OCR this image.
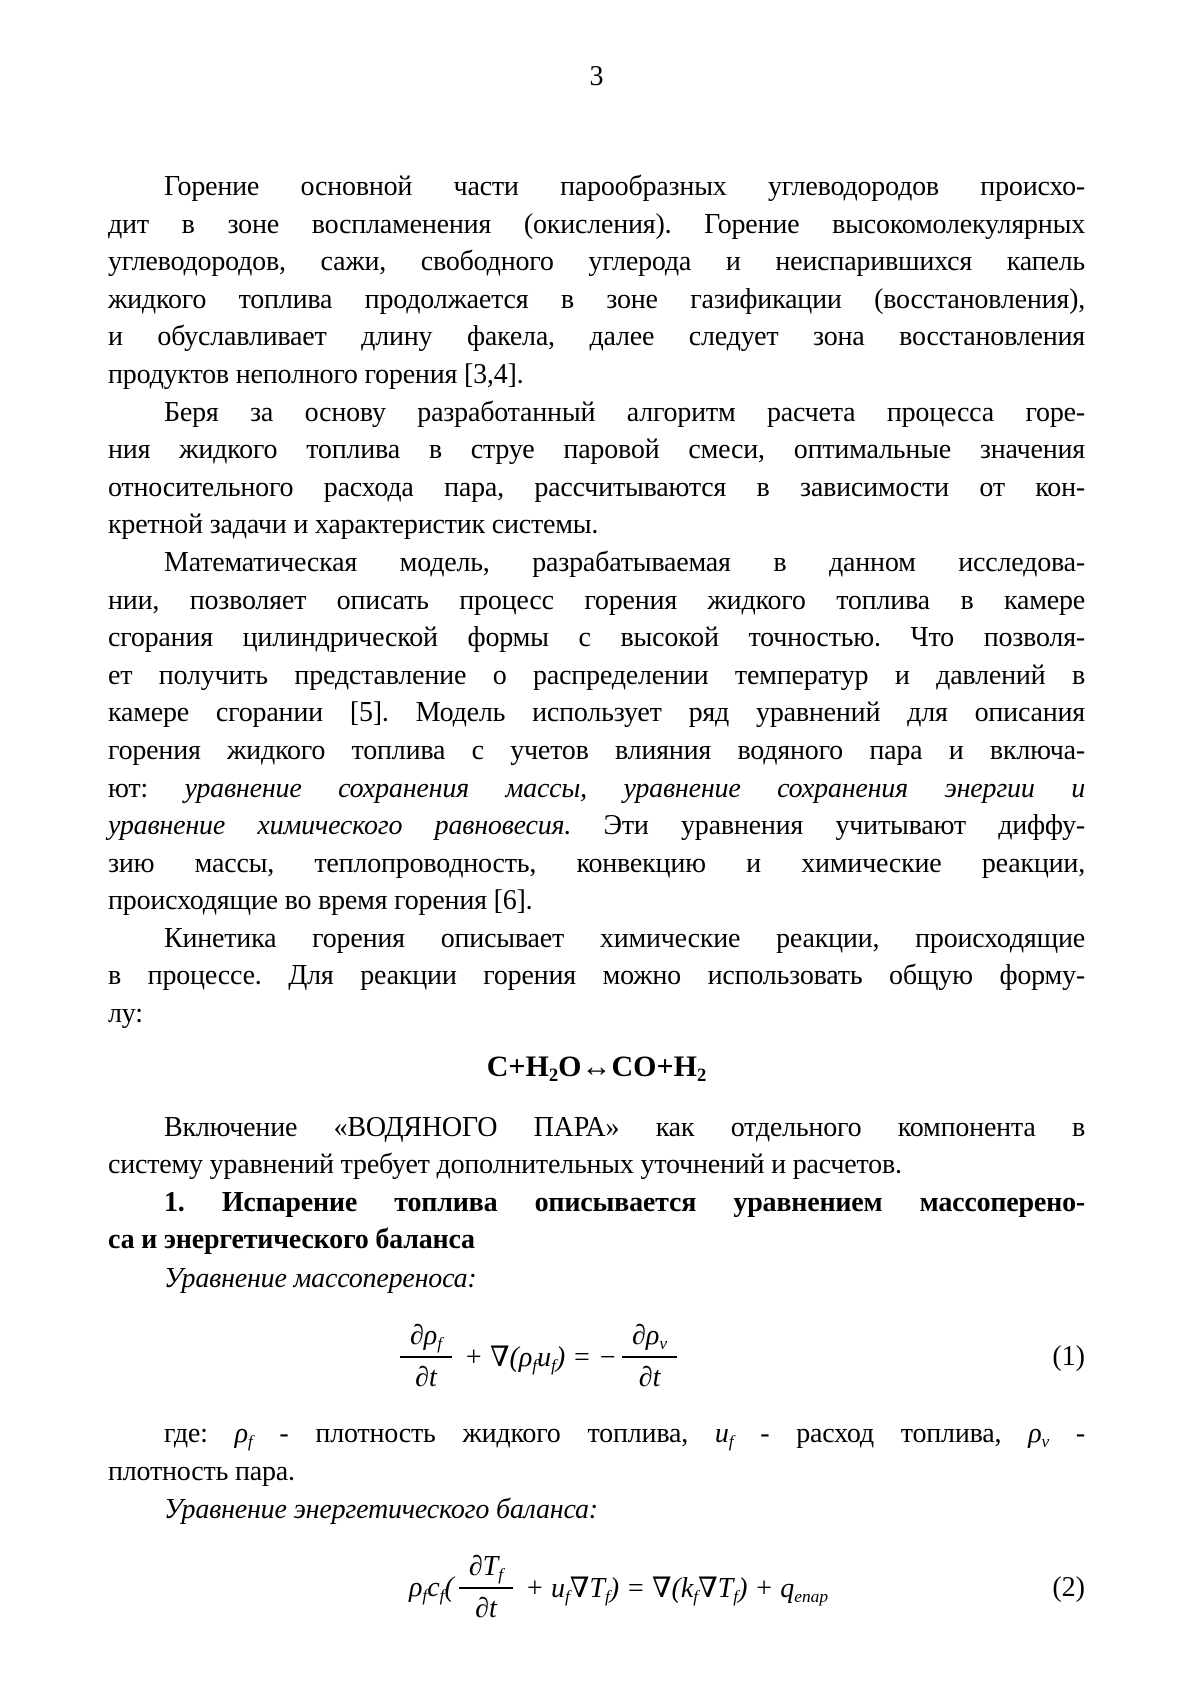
3
Горение основной части парообразных углеводородов происхо-
дит в зоне воспламенения (окисления). Горение высокомолекулярных
углеводородов, сажи, свободного углерода и неиспарившихся капель
жидкого топлива продолжается в зоне газификации (восстановления),
и обуславливает длину факела, далее следует зона восстановления
продуктов неполного горения [3,4].
Беря за основу разработанный алгоритм расчета процесса горе-
ния жидкого топлива в струе паровой смеси, оптимальные значения
относительного расхода пара, рассчитываются в зависимости от кон-
кретной задачи и характеристик системы.
Математическая модель, разрабатываемая в данном исследова-
нии, позволяет описать процесс горения жидкого топлива в камере
сгорания цилиндрической формы с высокой точностью. Что позволя-
ет получить представление о распределении температур и давлений в
камере сгорании [5]. Модель использует ряд уравнений для описания
горения жидкого топлива с учетов влияния водяного пара и включа-
ют: уравнение сохранения массы, уравнение сохранения энергии и
уравнение химического равновесия. Эти уравнения учитывают диффу-
зию массы, теплопроводность, конвекцию и химические реакции,
происходящие во время горения [6].
Кинетика горения описывает химические реакции, происходящие
в процессе. Для реакции горения можно использовать общую форму-
лу:
$C+H_2O\leftrightarrow CO+H_2$
Включение «ВОДЯНОГО ПАРА» как отдельного компонента в
систему уравнений требует дополнительных уточнений и расчетов.
1. Испарение топлива описывается уравнением массоперено-
са и энергетического баланса
Уравнение массопереноса:
$\frac{\partial\rho_f}{\partial t} + \nabla(\rho_fu_f)$ = − $\frac{\partial\rho_v}{\partial t}$	(1)
где: $\rho_f$ - плотность жидкого топлива, $u_f$ - расход топлива, $\rho_v$ -
плотность пара.
Уравнение энергетического баланса:
$\rho_fc_f( \frac{\partial T_f}{\partial t} + u_f\nabla T_f) = \nabla(k_f\nabla T_f) + q_{enap}$	(2)
